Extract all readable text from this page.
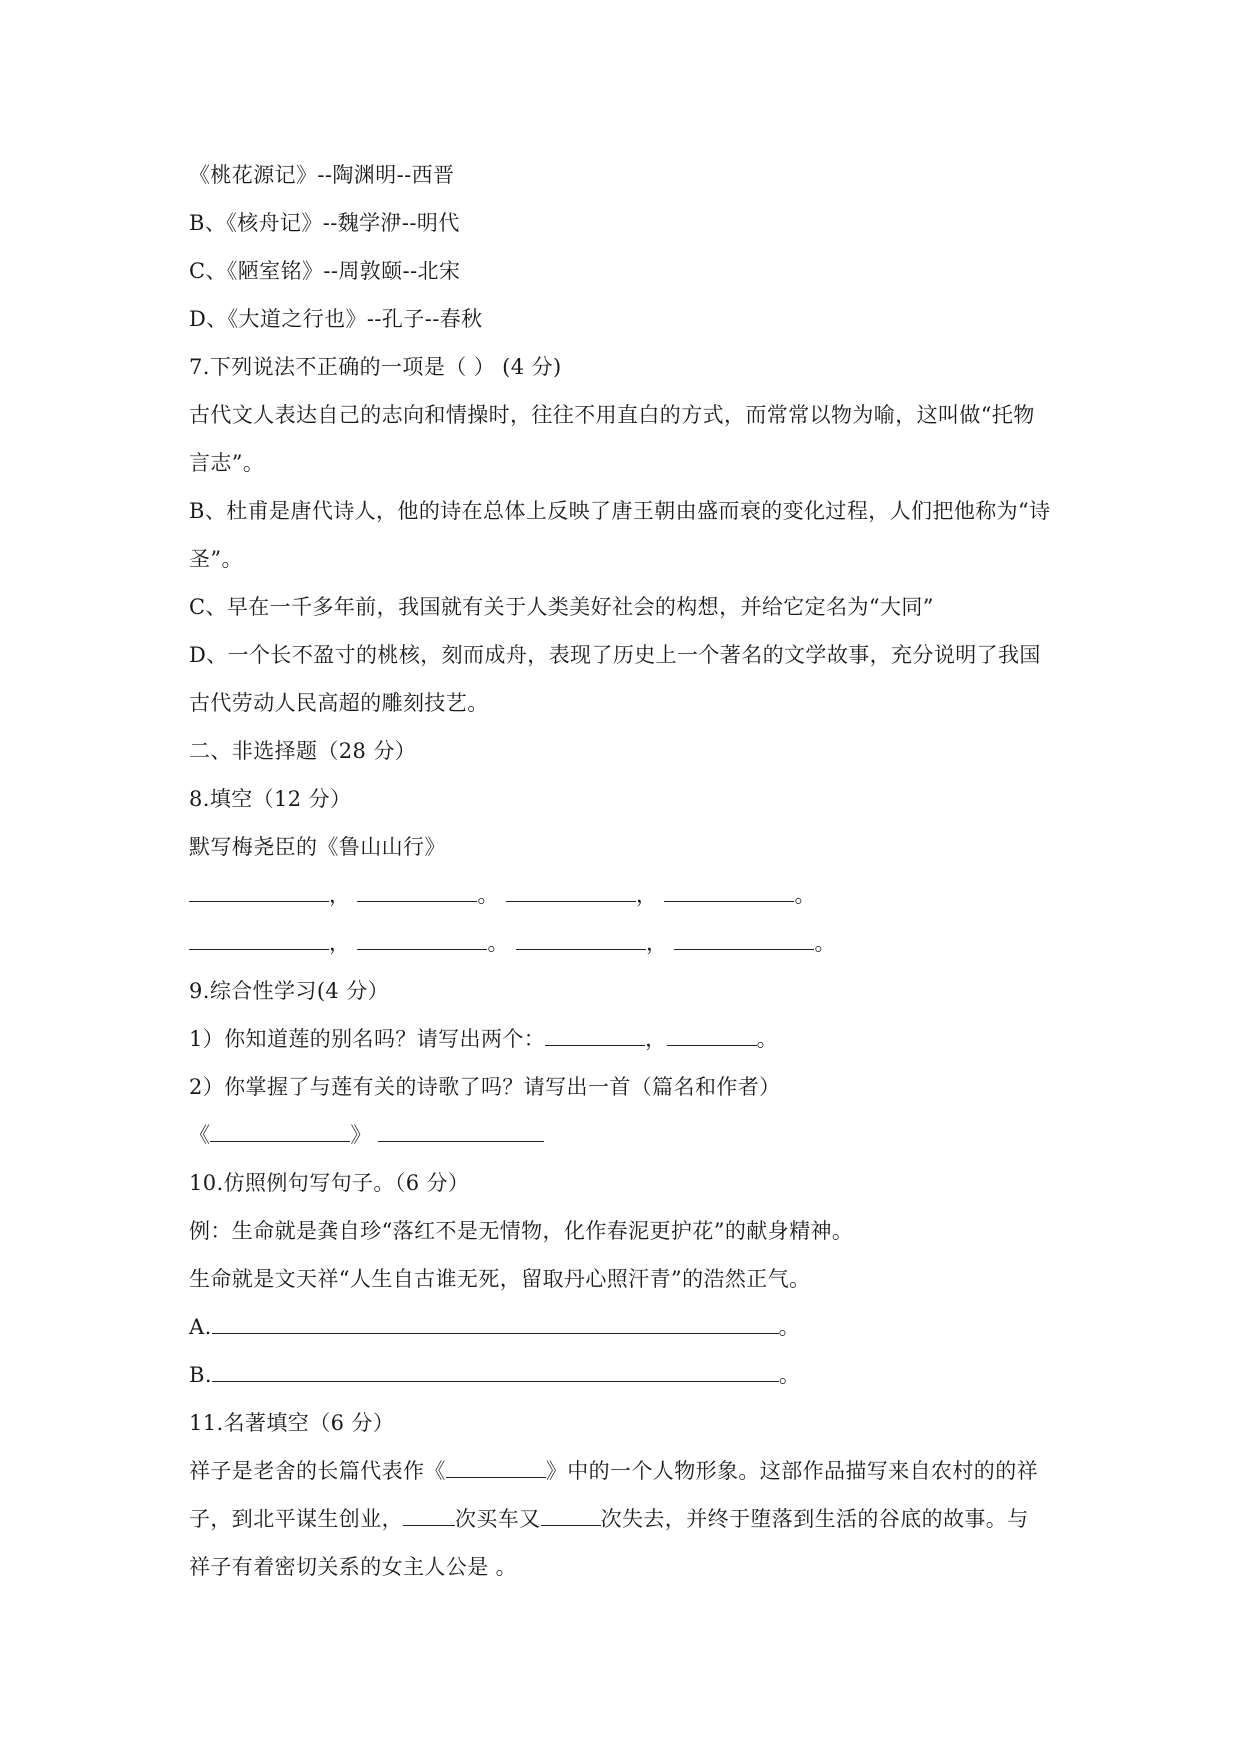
《桃花源记》--陶渊明--西晋
B、《核舟记》--魏学洢--明代
C、《陋室铭》--周敦颐--北宋
D、《大道之行也》--孔子--春秋
7.下列说法不正确的一项是（ ） (4 分)
古代文人表达自己的志向和情操时，往往不用直白的方式，而常常以物为喻，这叫做“托物
言志”。
B、杜甫是唐代诗人，他的诗在总体上反映了唐王朝由盛而衰的变化过程，人们把他称为“诗
圣”。
C、早在一千多年前，我国就有关于人类美好社会的构想，并给它定名为“大同”
D、一个长不盈寸的桃核，刻而成舟，表现了历史上一个著名的文学故事，充分说明了我国
古代劳动人民高超的雕刻技艺。
二、非选择题（28 分）
8.填空（12 分）
默写梅尧臣的《鲁山山行》
，	。	，	。
，	。	，	。
9.综合性学习(4 分）
1）你知道莲的别名吗？请写出两个：	，	。
2）你掌握了与莲有关的诗歌了吗？请写出一首（篇名和作者）
《	》
10.仿照例句写句子。（6 分）
例：生命就是龚自珍“落红不是无情物，化作春泥更护花”的献身精神。
生命就是文天祥“人生自古谁无死，留取丹心照汗青”的浩然正气。
A.	。
B.	。
11.名著填空（6 分）
祥子是老舍的长篇代表作《	》中的一个人物形象。这部作品描写来自农村的的祥
子，到北平谋生创业， 次买车又	次失去，并终于堕落到生活的谷底的故事。与
祥子有着密切关系的女主人公是 。
